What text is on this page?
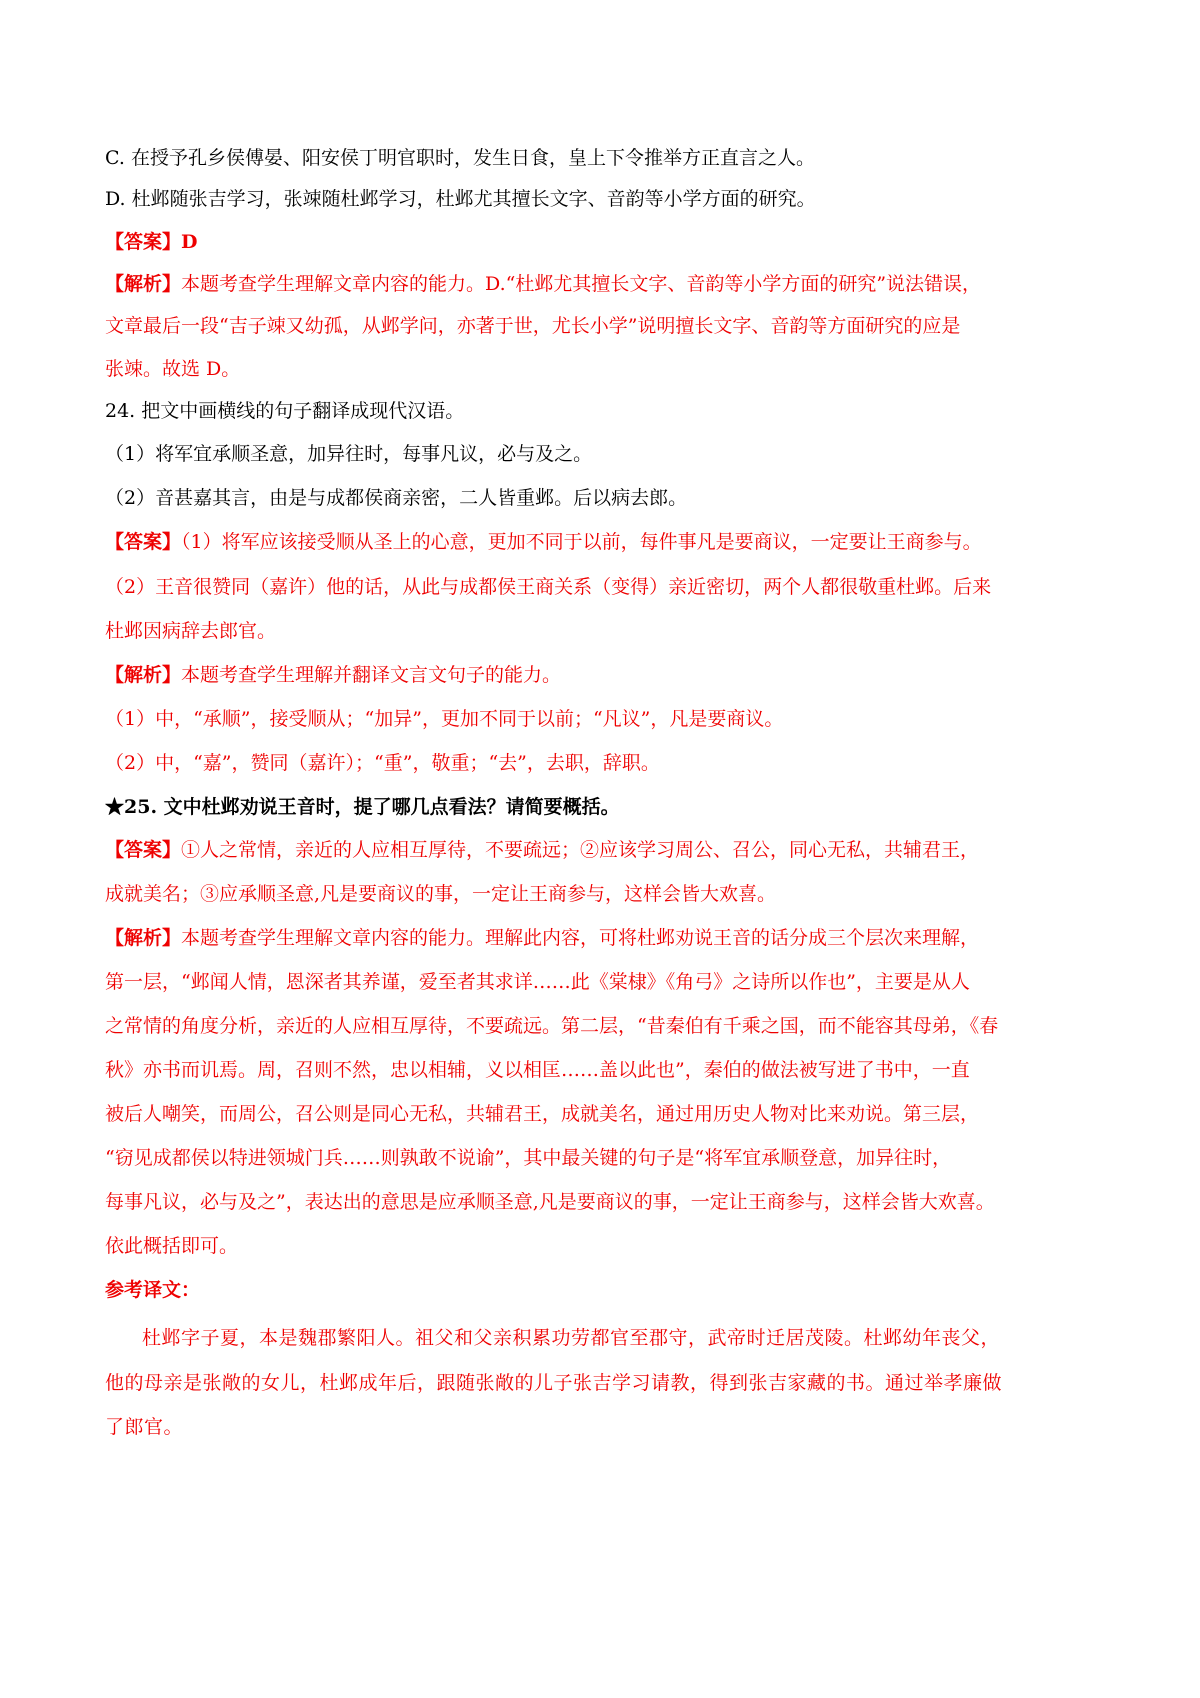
C. 在授予孔乡侯傅晏、阳安侯丁明官职时，发生日食，皇上下令推举方正直言之人。
D. 杜邺随张吉学习，张竦随杜邺学习，杜邺尤其擅长文字、音韵等小学方面的研究。
【答案】D
【解析】本题考查学生理解文章内容的能力。D.“杜邺尤其擅长文字、音韵等小学方面的研究”说法错误，
文章最后一段“吉子竦又幼孤，从邺学问，亦著于世，尤长小学”说明擅长文字、音韵等方面研究的应是
张竦。故选 D。
24. 把文中画横线的句子翻译成现代汉语。
（1）将军宜承顺圣意，加异往时，每事凡议，必与及之。
（2）音甚嘉其言，由是与成都侯商亲密，二人皆重邺。后以病去郎。
【答案】（1）将军应该接受顺从圣上的心意，更加不同于以前，每件事凡是要商议，一定要让王商参与。
（2）王音很赞同（嘉许）他的话，从此与成都侯王商关系（变得）亲近密切，两个人都很敬重杜邺。后来
杜邺因病辞去郎官。
【解析】本题考查学生理解并翻译文言文句子的能力。
（1）中，“承顺”，接受顺从；“加异”，更加不同于以前；“凡议”，凡是要商议。
（2）中，“嘉”，赞同（嘉许）；“重”，敬重；“去”，去职，辞职。
★25. 文中杜邺劝说王音时，提了哪几点看法？请简要概括。
【答案】①人之常情，亲近的人应相互厚待，不要疏远；②应该学习周公、召公，同心无私，共辅君王，
成就美名；③应承顺圣意,凡是要商议的事，一定让王商参与，这样会皆大欢喜。
【解析】本题考查学生理解文章内容的能力。理解此内容，可将杜邺劝说王音的话分成三个层次来理解，
第一层，“邺闻人情，恩深者其养谨，爱至者其求详……此《棠棣》《角弓》之诗所以作也”，主要是从人
之常情的角度分析，亲近的人应相互厚待，不要疏远。第二层，“昔秦伯有千乘之国，而不能容其母弟，《春
秋》亦书而讥焉。周，召则不然，忠以相辅，义以相匡……盖以此也”，秦伯的做法被写进了书中，一直
被后人嘲笑，而周公，召公则是同心无私，共辅君王，成就美名，通过用历史人物对比来劝说。第三层，
“窃见成都侯以特进领城门兵……则孰敢不说谕”，其中最关键的句子是“将军宜承顺登意，加异往时，
每事凡议，必与及之”，表达出的意思是应承顺圣意,凡是要商议的事，一定让王商参与，这样会皆大欢喜。
依此概括即可。
参考译文：
杜邺字子夏，本是魏郡繁阳人。祖父和父亲积累功劳都官至郡守，武帝时迁居茂陵。杜邺幼年丧父，
他的母亲是张敞的女儿，杜邺成年后，跟随张敞的儿子张吉学习请教，得到张吉家藏的书。通过举孝廉做
了郎官。
